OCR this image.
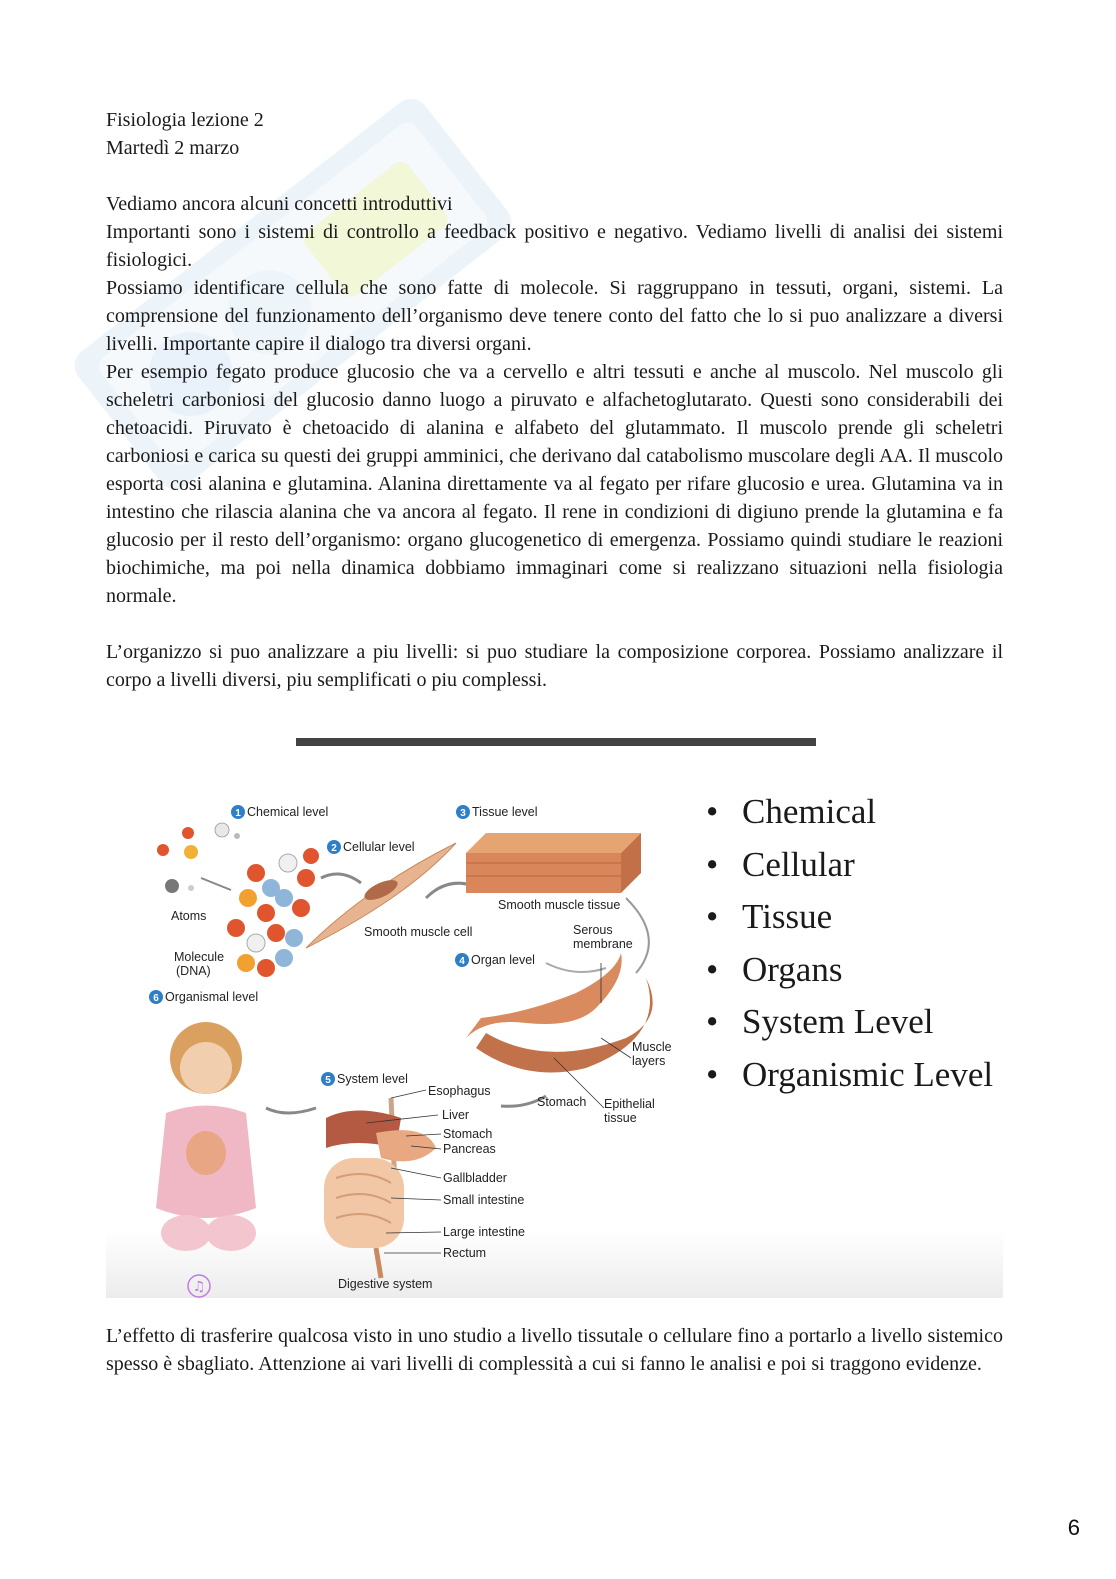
Fisiologia lezione 2

Martedì 2 marzo

Vediamo ancora alcuni concetti introduttivi

Importanti sono i sistemi di controllo a feedback positivo e negativo. Vediamo livelli di analisi dei sistemi fisiologici.

Possiamo identificare cellula che sono fatte di molecole. Si raggruppano in tessuti, organi, sistemi. La comprensione del funzionamento dell’organismo deve tenere conto del fatto che lo si puo analizzare a diversi livelli. Importante capire il dialogo tra diversi organi.

Per esempio fegato produce glucosio che va a cervello e altri tessuti e anche al muscolo. Nel muscolo gli scheletri carboniosi del glucosio danno luogo a piruvato e alfachetoglutarato. Questi sono considerabili dei chetoacidi. Piruvato è chetoacido di alanina e alfabeto del glutammato. Il muscolo prende gli scheletri carboniosi e carica su questi dei gruppi amminici, che derivano dal catabolismo muscolare degli AA. Il muscolo esporta cosi alanina e glutamina. Alanina direttamente va al fegato per rifare glucosio e urea. Glutamina va in intestino che rilascia alanina che va ancora al fegato. Il rene in condizioni di digiuno prende la glutamina e fa glucosio per il resto dell’organismo: organo glucogenetico di emergenza. Possiamo quindi studiare le reazioni biochimiche, ma poi nella dinamica dobbiamo immaginari come si realizzano situazioni nella fisiologia normale.

L’organizzo si puo analizzare a piu livelli: si puo studiare la composizione corporea. Possiamo analizzare il corpo a livelli diversi, piu semplificati o piu complessi.

1
2
3
4
5
6
Chemical level
Cellular level
Tissue level
Organ level
System level
Organismal level
Atoms
Molecule
(DNA)
Smooth muscle cell
Smooth muscle tissue
Serous
membrane
Muscle
layers
Stomach Epithelial
tissue
Esophagus
Liver
Stomach
Pancreas
Gallbladder
Small intestine
Large intestine
Rectum
Digestive system
♫
• Chemical
• Cellular
• Tissue
• Organs
• System Level
• Organismic Level

L’effetto di trasferire qualcosa visto in uno studio a livello tissutale o cellulare fino a portarlo a livello sistemico spesso è sbagliato. Attenzione ai vari livelli di complessità a cui si fanno le analisi e poi si traggono evidenze.

6
